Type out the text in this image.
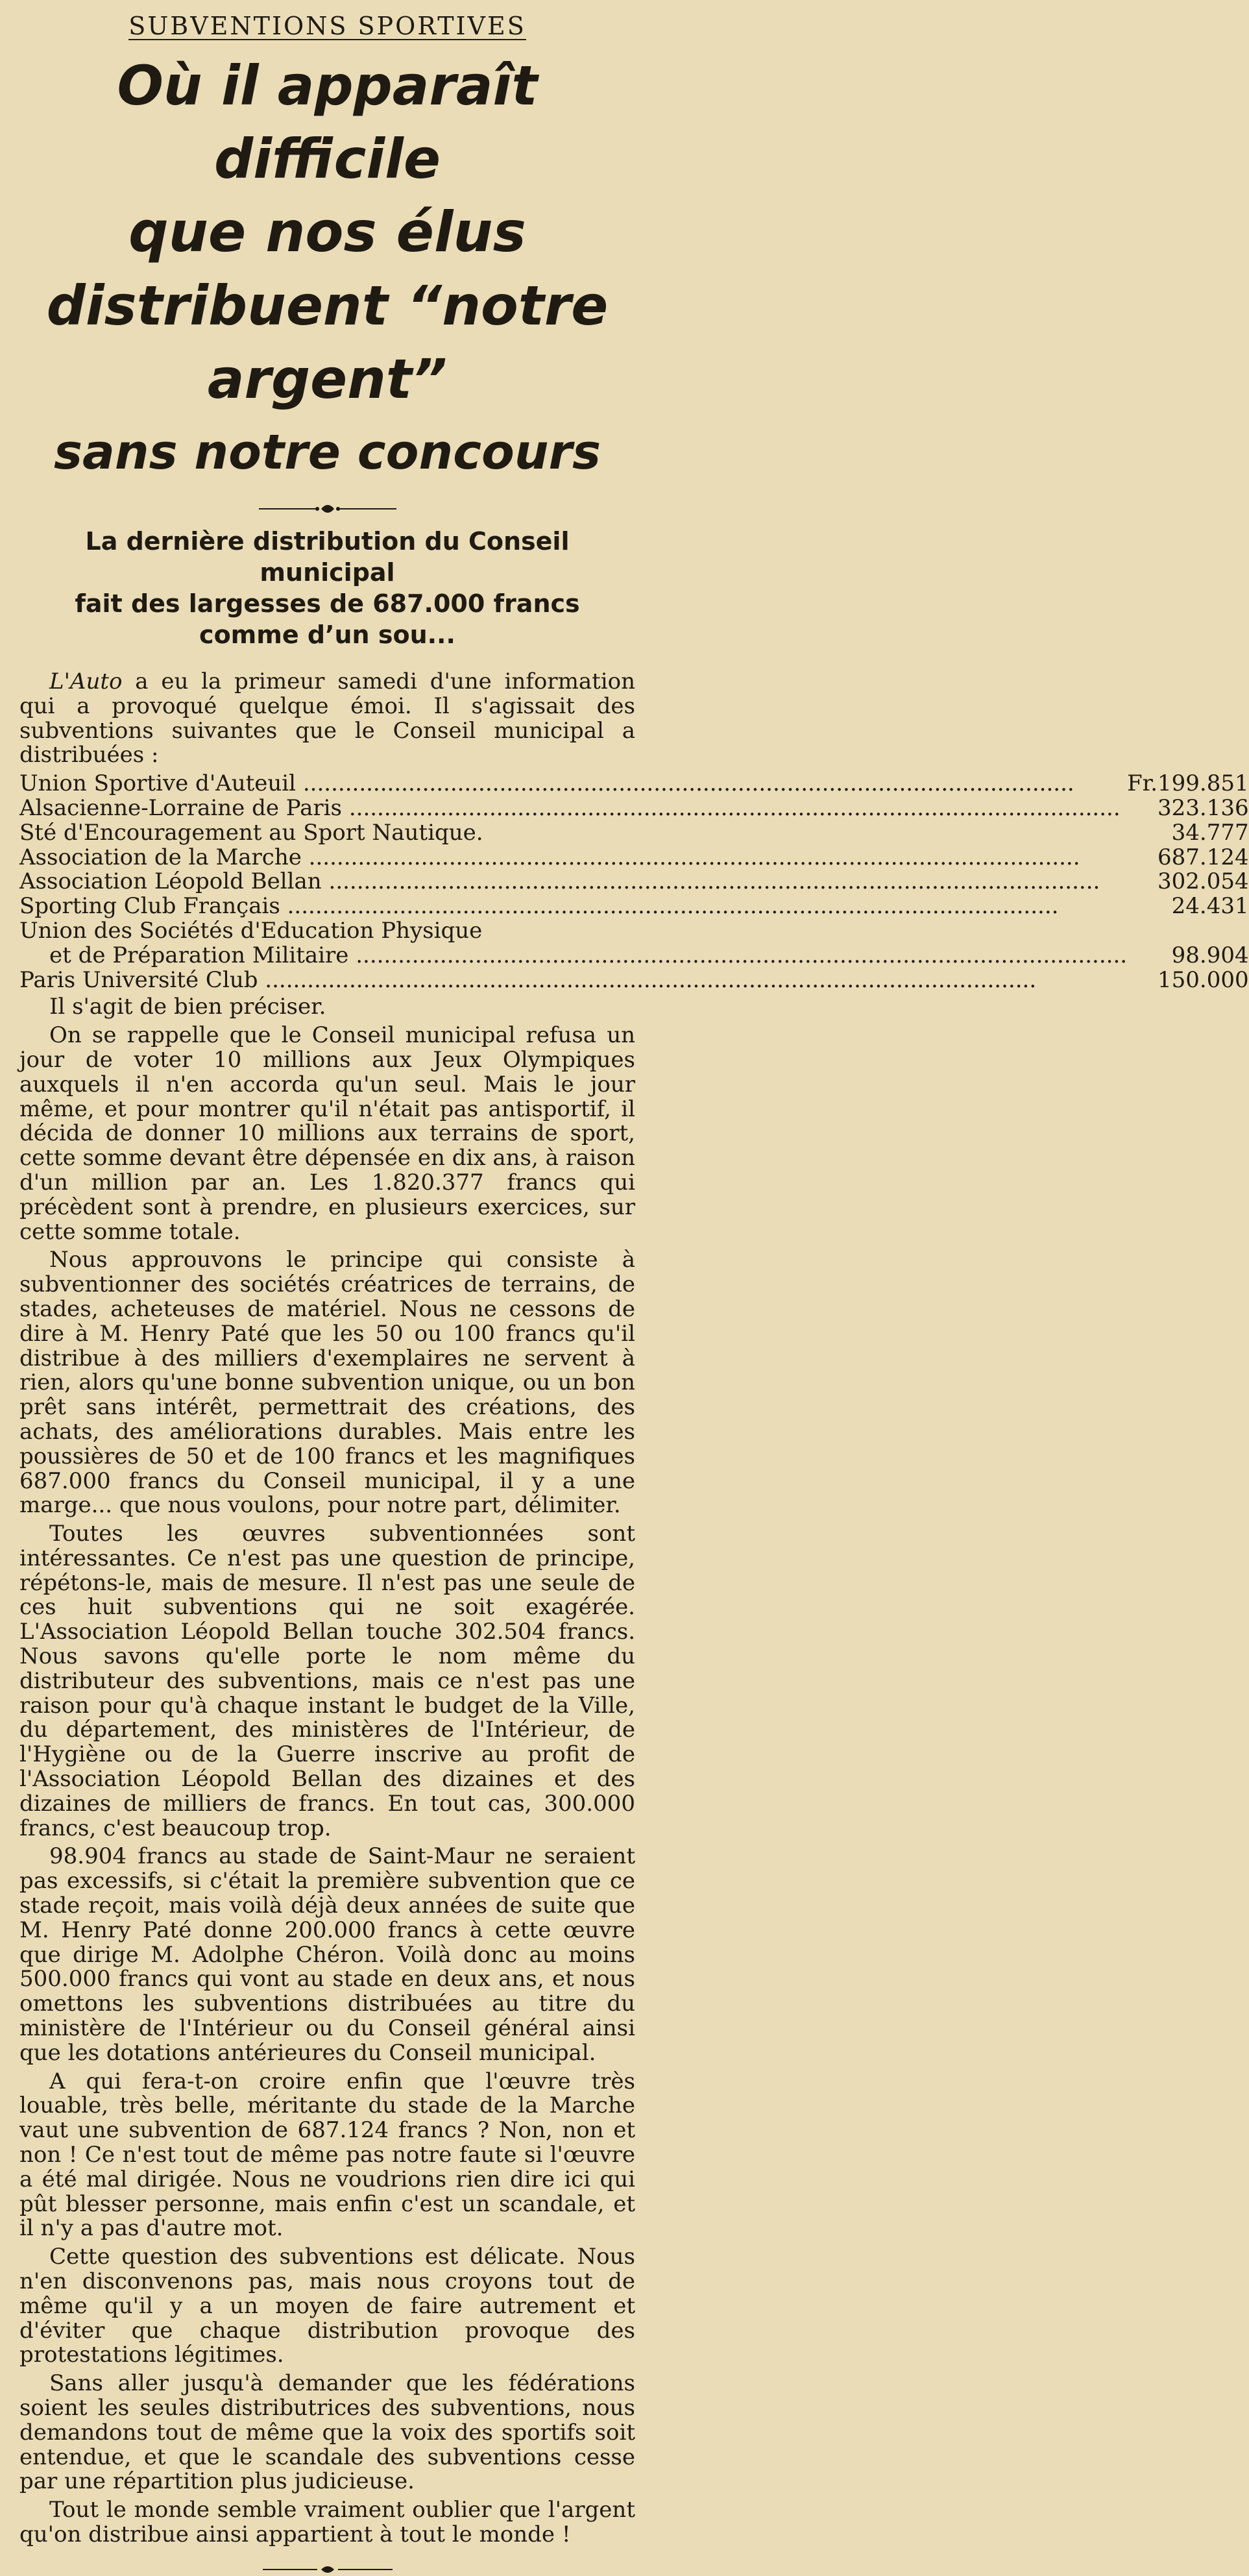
SUBVENTIONS SPORTIVES
Où il apparaît difficile
que nos élus
distribuent “notre argent”
sans notre concours
La dernière distribution du Conseil municipal
fait des largesses de 687.000 francs
comme d’un sou...

L'Auto a eu la primeur samedi d'une information qui a provoqué quelque émoi. Il s'agissait des subventions suivantes que le Conseil municipal a distribuées :

Union Sportive d'Auteuil .....	Fr.	199.851
Alsacienne-Lorraine de Paris .....		323.136
Sté d'Encouragement au Sport Nautique.		34.777
Association de la Marche .....		687.124
Association Léopold Bellan .....		302.054
Sporting Club Français .....		24.431
Union des Sociétés d'Education Physique		
et de Préparation Militaire .....		98.904
Paris Université Club .....		150.000

Il s'agit de bien préciser.

On se rappelle que le Conseil municipal refusa un jour de voter 10 millions aux Jeux Olympiques auxquels il n'en accorda qu'un seul. Mais le jour même, et pour montrer qu'il n'était pas antisportif, il décida de donner 10 millions aux terrains de sport, cette somme devant être dépensée en dix ans, à raison d'un million par an. Les 1.820.377 francs qui précèdent sont à prendre, en plusieurs exercices, sur cette somme totale.

Nous approuvons le principe qui consiste à subventionner des sociétés créatrices de terrains, de stades, acheteuses de matériel. Nous ne cessons de dire à M. Henry Paté que les 50 ou 100 francs qu'il distribue à des milliers d'exemplaires ne servent à rien, alors qu'une bonne subvention unique, ou un bon prêt sans intérêt, permettrait des créations, des achats, des améliorations durables. Mais entre les poussières de 50 et de 100 francs et les magnifiques 687.000 francs du Conseil municipal, il y a une marge... que nous voulons, pour notre part, délimiter.

Toutes les œuvres subventionnées sont intéressantes. Ce n'est pas une question de principe, répétons-le, mais de mesure. Il n'est pas une seule de ces huit subventions qui ne soit exagérée. L'Association Léopold Bellan touche 302.504 francs. Nous savons qu'elle porte le nom même du distributeur des subventions, mais ce n'est pas une raison pour qu'à chaque instant le budget de la Ville, du département, des ministères de l'Intérieur, de l'Hygiène ou de la Guerre inscrive au profit de l'Association Léopold Bellan des dizaines et des dizaines de milliers de francs. En tout cas, 300.000 francs, c'est beaucoup trop.

98.904 francs au stade de Saint-Maur ne seraient pas excessifs, si c'était la première subvention que ce stade reçoit, mais voilà déjà deux années de suite que M. Henry Paté donne 200.000 francs à cette œuvre que dirige M. Adolphe Chéron. Voilà donc au moins 500.000 francs qui vont au stade en deux ans, et nous omettons les subventions distribuées au titre du ministère de l'Intérieur ou du Conseil général ainsi que les dotations antérieures du Conseil municipal.

A qui fera-t-on croire enfin que l'œuvre très louable, très belle, méritante du stade de la Marche vaut une subvention de 687.124 francs ? Non, non et non ! Ce n'est tout de même pas notre faute si l'œuvre a été mal dirigée. Nous ne voudrions rien dire ici qui pût blesser personne, mais enfin c'est un scandale, et il n'y a pas d'autre mot.

Cette question des subventions est délicate. Nous n'en disconvenons pas, mais nous croyons tout de même qu'il y a un moyen de faire autrement et d'éviter que chaque distribution provoque des protestations légitimes.

Sans aller jusqu'à demander que les fédérations soient les seules distributrices des subventions, nous demandons tout de même que la voix des sportifs soit entendue, et que le scandale des subventions cesse par une répartition plus judicieuse.

Tout le monde semble vraiment oublier que l'argent qu'on distribue ainsi appartient à tout le monde !
